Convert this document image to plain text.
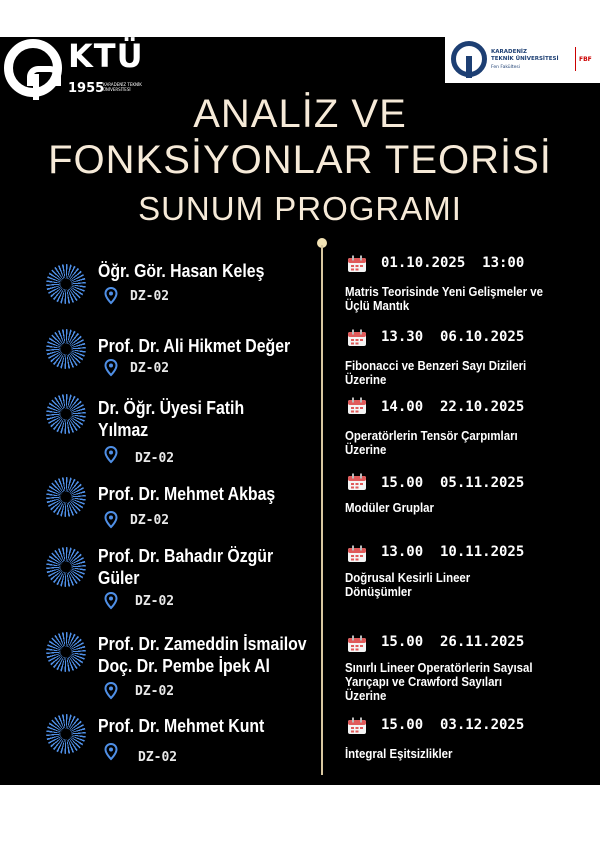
KTÜ
1955
KARADENİZ TEKNİK ÜNİVERSİTESİ
KARADENİZ
TEKNİK ÜNİVERSİTESİ
Fen Fakültesi
FBF
ANALİZ VE
FONKSİYONLAR TEORİSİ
SUNUM PROGRAMI
Öğr. Gör. Hasan Keleş
DZ-02
01.10.2025  13:00
Matris Teorisinde Yeni Gelişmeler ve
Üçlü Mantık
Prof. Dr. Ali Hikmet Değer
DZ-02
13.30  06.10.2025
Fibonacci ve Benzeri Sayı Dizileri
Üzerine
Dr. Öğr. Üyesi Fatih
Yılmaz
DZ-02
14.00  22.10.2025
Operatörlerin Tensör Çarpımları
Üzerine
Prof. Dr. Mehmet Akbaş
DZ-02
15.00  05.11.2025
Modüler Gruplar
Prof. Dr. Bahadır Özgür
Güler
DZ-02
13.00  10.11.2025
Doğrusal Kesirli Lineer
Dönüşümler
Prof. Dr. Zameddin İsmailov
Doç. Dr. Pembe İpek Al
DZ-02
15.00  26.11.2025
Sınırlı Lineer Operatörlerin Sayısal
Yarıçapı ve Crawford Sayıları
Üzerine
Prof. Dr. Mehmet Kunt
DZ-02
15.00  03.12.2025
İntegral Eşitsizlikler
